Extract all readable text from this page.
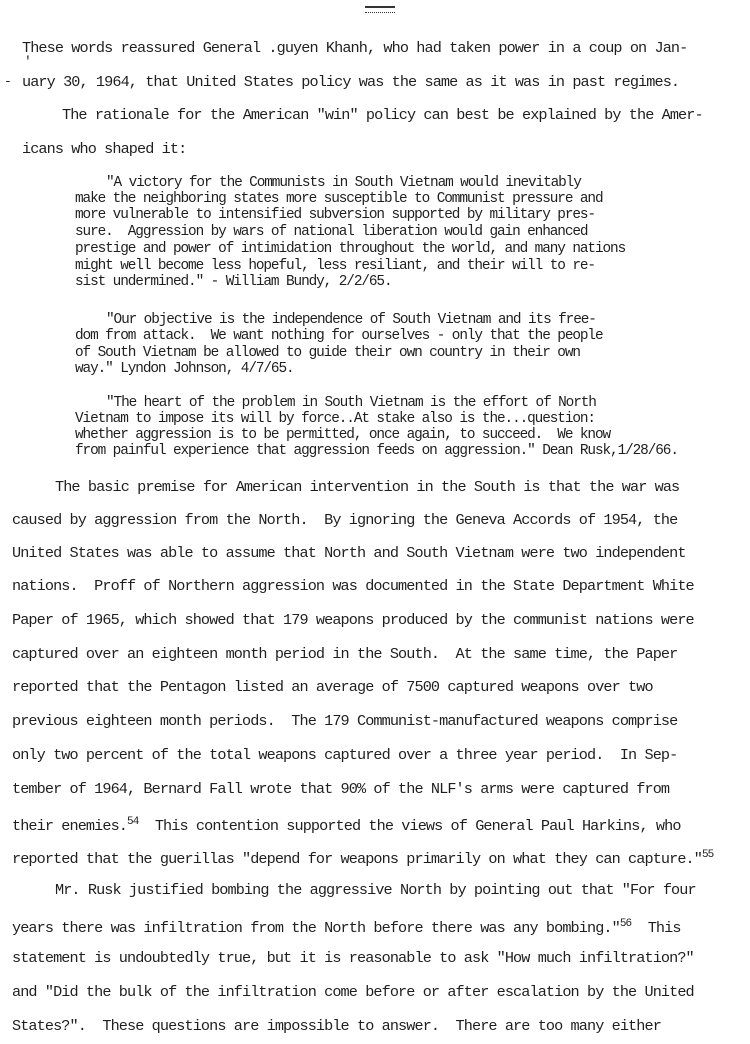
'
-
These words reassured General .guyen Khanh, who had taken power in a coup on Jan-
uary 30, 1964, that United States policy was the same as it was in past regimes.
The rationale for the American "win" policy can best be explained by the Amer-
icans who shaped it:
"A victory for the Communists in South Vietnam would inevitably
make the neighboring states more susceptible to Communist pressure and
more vulnerable to intensified subversion supported by military pres-
sure.  Aggression by wars of national liberation would gain enhanced
prestige and power of intimidation throughout the world, and many nations
might well become less hopeful, less resiliant, and their will to re-
sist undermined." - William Bundy, 2/2/65.
"Our objective is the independence of South Vietnam and its free-
dom from attack.  We want nothing for ourselves - only that the people
of South Vietnam be allowed to guide their own country in their own
way." Lyndon Johnson, 4/7/65.
"The heart of the problem in South Vietnam is the effort of North
Vietnam to impose its will by force..At stake also is the...question:
whether aggression is to be permitted, once again, to succeed.  We know
from painful experience that aggression feeds on aggression." Dean Rusk,1/28/66.
The basic premise for American intervention in the South is that the war was
caused by aggression from the North.  By ignoring the Geneva Accords of 1954, the
United States was able to assume that North and South Vietnam were two independent
nations.  Proff of Northern aggression was documented in the State Department White
Paper of 1965, which showed that 179 weapons produced by the communist nations were
captured over an eighteen month period in the South.  At the same time, the Paper
reported that the Pentagon listed an average of 7500 captured weapons over two
previous eighteen month periods.  The 179 Communist-manufactured weapons comprise
only two percent of the total weapons captured over a three year period.  In Sep-
tember of 1964, Bernard Fall wrote that 90% of the NLF's arms were captured from
their enemies.$^{54}$ This contention supported the views of General Paul Harkins, who
reported that the guerillas "depend for weapons primarily on what they can capture."$^{55}$
Mr. Rusk justified bombing the aggressive North by pointing out that "For four
years there was infiltration from the North before there was any bombing."$^{56}$ This
statement is undoubtedly true, but it is reasonable to ask "How much infiltration?"
and "Did the bulk of the infiltration come before or after escalation by the United
States?".  These questions are impossible to answer.  There are too many either
